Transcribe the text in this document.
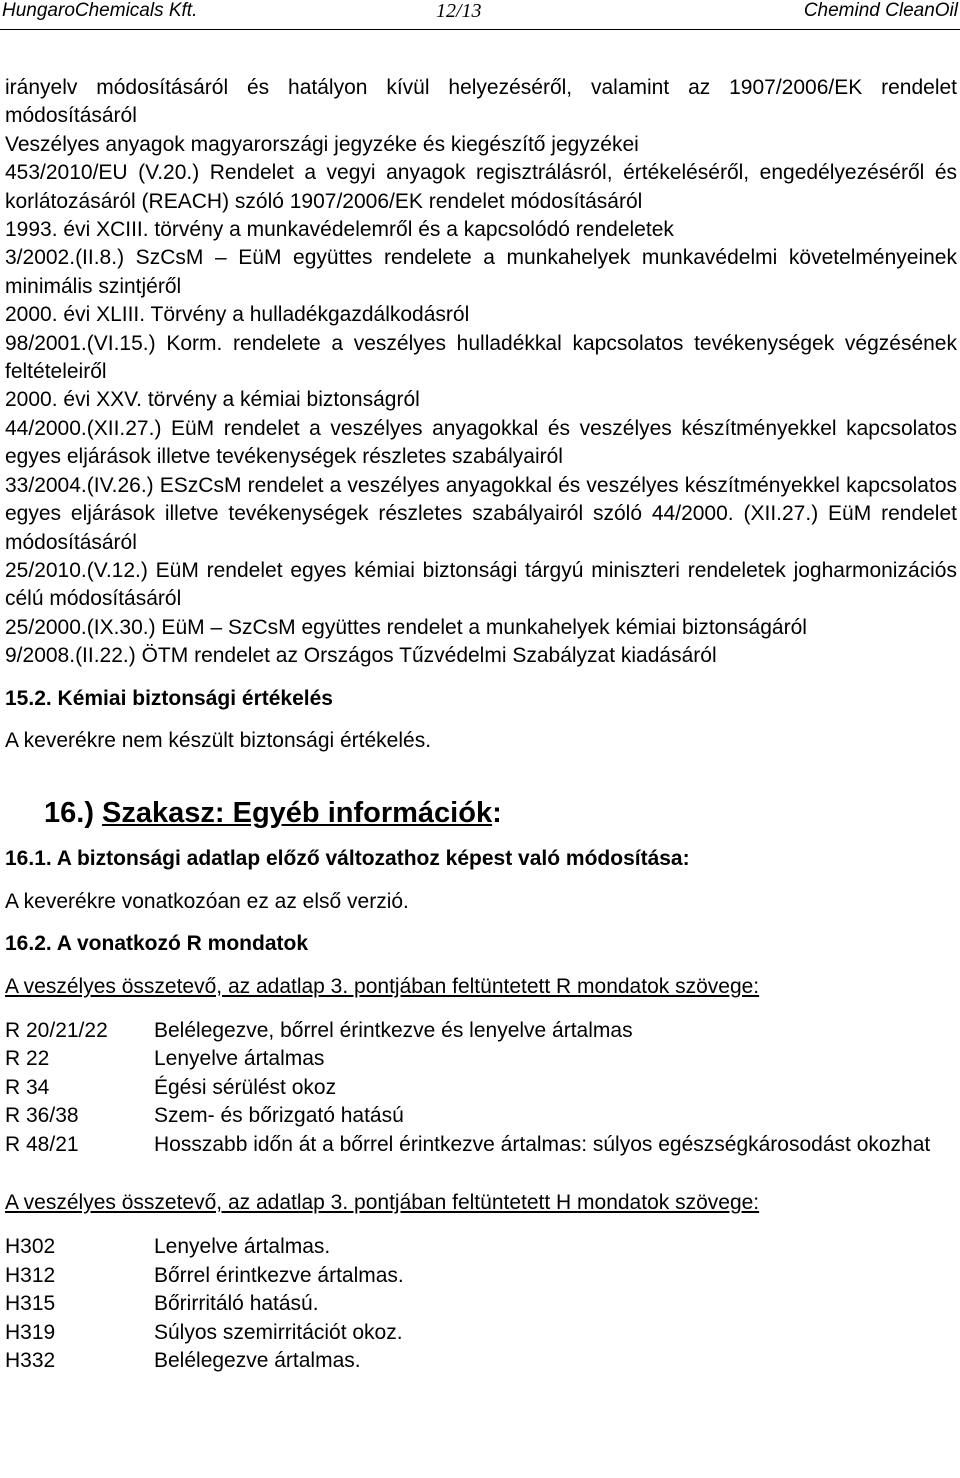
HungaroChemicals Kft.	12/13	Chemind CleanOil

irányelv módosításáról és hatályon kívül helyezéséről, valamint az 1907/2006/EK rendelet módosításáról

Veszélyes anyagok magyarországi jegyzéke és kiegészítő jegyzékei

453/2010/EU (V.20.) Rendelet a vegyi anyagok regisztrálásról, értékeléséről, engedélyezéséről és korlátozásáról (REACH) szóló 1907/2006/EK rendelet módosításáról

1993. évi XCIII. törvény a munkavédelemről és a kapcsolódó rendeletek

3/2002.(II.8.) SzCsM – EüM együttes rendelete a munkahelyek munkavédelmi követelményeinek minimális szintjéről

2000. évi XLIII. Törvény a hulladékgazdálkodásról

98/2001.(VI.15.) Korm. rendelete a veszélyes hulladékkal kapcsolatos tevékenységek végzésének feltételeiről

2000. évi XXV. törvény a kémiai biztonságról

44/2000.(XII.27.) EüM rendelet a veszélyes anyagokkal és veszélyes készítményekkel kapcsolatos egyes eljárások illetve tevékenységek részletes szabályairól

33/2004.(IV.26.) ESzCsM rendelet a veszélyes anyagokkal és veszélyes készítményekkel kapcsolatos egyes eljárások illetve tevékenységek részletes szabályairól szóló 44/2000. (XII.27.) EüM rendelet módosításáról

25/2010.(V.12.) EüM rendelet egyes kémiai biztonsági tárgyú miniszteri rendeletek jogharmonizációs célú módosításáról

25/2000.(IX.30.) EüM – SzCsM együttes rendelet a munkahelyek kémiai biztonságáról

9/2008.(II.22.) ÖTM rendelet az Országos Tűzvédelmi Szabályzat kiadásáról

15.2. Kémiai biztonsági értékelés

A keverékre nem készült biztonsági értékelés.

16.) Szakasz: Egyéb információk:

16.1. A biztonsági adatlap előző változathoz képest való módosítása:

A keverékre vonatkozóan ez az első verzió.

16.2. A vonatkozó R mondatok

A veszélyes összetevő, az adatlap 3. pontjában feltüntetett R mondatok szövege:

R 20/21/22	Belélegezve, bőrrel érintkezve és lenyelve ártalmas
R 22	Lenyelve ártalmas
R 34	Égési sérülést okoz
R 36/38	Szem- és bőrizgató hatású
R 48/21	Hosszabb időn át a bőrrel érintkezve ártalmas: súlyos egészségkárosodást okozhat

A veszélyes összetevő, az adatlap 3. pontjában feltüntetett H mondatok szövege:

H302	Lenyelve ártalmas.
H312	Bőrrel érintkezve ártalmas.
H315	Bőrirritáló hatású.
H319	Súlyos szemirritációt okoz.
H332	Belélegezve ártalmas.
